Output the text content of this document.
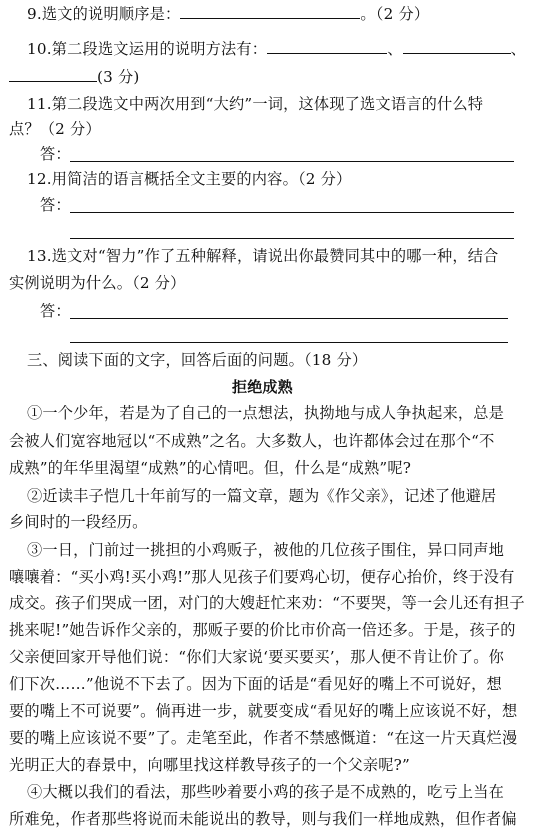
9.选文的说明顺序是：	。（2 分）
10.第二段选文运用的说明方法有：	、	、
(3 分)
11.第二段选文中两次用到“大约”一词，这体现了选文语言的什么特
点？（2 分）
答：
12.用简洁的语言概括全文主要的内容。（2 分）
答：
13.选文对“智力”作了五种解释，请说出你最赞同其中的哪一种，结合
实例说明为什么。（2 分）
答：
三、阅读下面的文字，回答后面的问题。（18 分）
拒绝成熟
①一个少年，若是为了自己的一点想法，执拗地与成人争执起来，总是
会被人们宽容地冠以“不成熟”之名。大多数人，也许都体会过在那个“不
成熟”的年华里渴望“成熟”的心情吧。但，什么是“成熟”呢?
②近读丰子恺几十年前写的一篇文章，题为《作父亲》，记述了他避居
乡间时的一段经历。
③一日，门前过一挑担的小鸡贩子，被他的几位孩子围住，异口同声地
嚷嚷着：“买小鸡!买小鸡!”那人见孩子们要鸡心切，便存心抬价，终于没有
成交。孩子们哭成一团，对门的大嫂赶忙来劝：“不要哭，等一会儿还有担子
挑来呢!”她告诉作父亲的，那贩子要的价比市价高一倍还多。于是，孩子的
父亲便回家开导他们说：“你们大家说‘要买要买’，那人便不肯让价了。你
们下次……”他说不下去了。因为下面的话是“看见好的嘴上不可说好，想
要的嘴上不可说要”。倘再进一步，就要变成“看见好的嘴上应该说不好，想
要的嘴上应该说不要”了。走笔至此，作者不禁感慨道：“在这一片天真烂漫
光明正大的春景中，向哪里找这样教导孩子的一个父亲呢?”
④大概以我们的看法，那些吵着要小鸡的孩子是不成熟的，吃亏上当在
所难免，作者那些将说而未能说出的教导，则与我们一样地成熟，但作者偏
